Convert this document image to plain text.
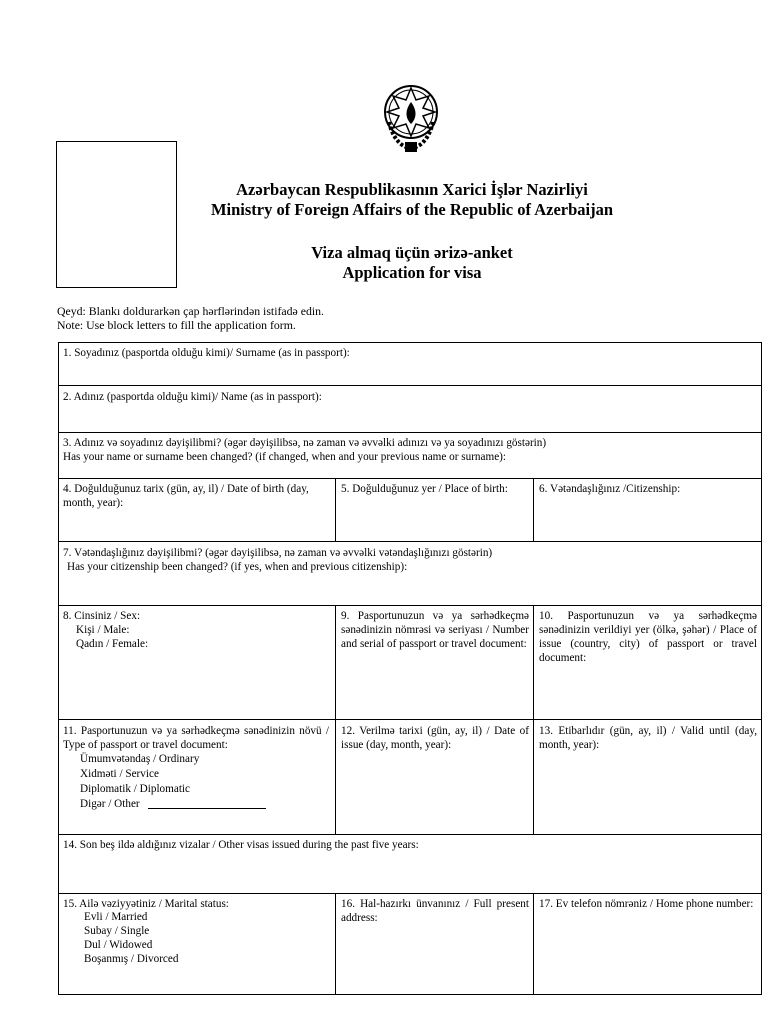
Azərbaycan Respublikasının Xarici İşlər Nazirliyi
Ministry of Foreign Affairs of the Republic of Azerbaijan
Viza almaq üçün ərizə-anket
Application for visa
Qeyd: Blankı doldurarkən çap hərflərindən istifadə edin.
Note: Use block letters to fill the application form.
1. Soyadınız (pasportda olduğu kimi)/ Surname (as in passport):
2. Adınız (pasportda olduğu kimi)/ Name (as in passport):
3. Adınız və soyadınız dəyişilibmi? (əgər dəyişilibsə, nə zaman və əvvəlki adınızı və ya soyadınızı göstərin)
Has your name or surname been changed? (if changed, when and your previous name or surname):
4. Doğulduğunuz tarix (gün, ay, il) / Date of birth (day, month, year):
5. Doğulduğunuz yer / Place of birth:	6. Vətəndaşlığınız /Citizenship:
7. Vətəndaşlığınız dəyişilibmi? (əgər dəyişilibsə, nə zaman və əvvəlki vətəndaşlığınızı göstərin)
Has your citizenship been changed? (if yes, when and previous citizenship):
8. Cinsiniz / Sex:
Kişi / Male:
Qadın / Female:
9. Pasportunuzun və ya sərhədkeçmə sənədinizin nömrəsi və seriyası / Number and serial of passport or travel document:
10. Pasportunuzun və ya sərhədkeçmə sənədinizin verildiyi yer (ölkə, şəhər) / Place of issue (country, city) of passport or travel document:
11. Pasportunuzun və ya sərhədkeçmə sənədinizin növü / Type of passport or travel document:
Ümumvətəndaş / Ordinary
Xidməti / Service
Diplomatik / Diplomatic
Digər / Other
12. Verilmə tarixi (gün, ay, il) / Date of issue (day, month, year):
13. Etibarlıdır (gün, ay, il) / Valid until (day, month, year):
14. Son beş ildə aldığınız vizalar / Other visas issued during the past five years:
15. Ailə vəziyyətiniz / Marital status:
Evli / Married
Subay / Single
Dul / Widowed
Boşanmış / Divorced
16. Hal-hazırkı ünvanınız / Full present address:
17. Ev telefon nömrəniz / Home phone number:
